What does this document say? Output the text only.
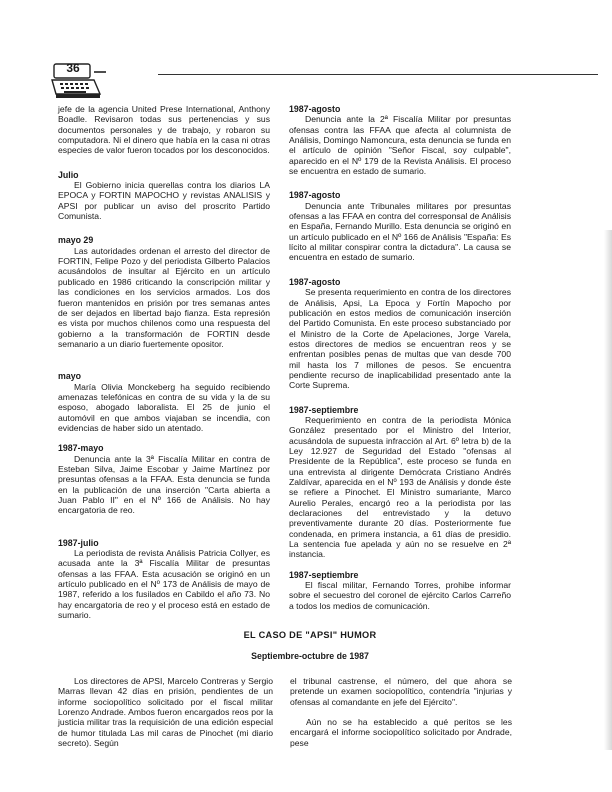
36

jefe de la agencia United Prese International, Anthony Boadle. Revisaron todas sus pertenencias y sus documentos personales y de trabajo, y robaron su computadora. Ni el dinero que había en la casa ni otras especies de valor fueron tocados por los desconocidos.

Julio

El Gobierno inicia querellas contra los diarios LA EPOCA y FORTIN MAPOCHO y revistas ANALISIS y APSI por publicar un aviso del proscrito Partido Comunista.

mayo 29

Las autoridades ordenan el arresto del director de FORTIN, Felipe Pozo y del periodista Gilberto Palacios acusándolos de insultar al Ejército en un artículo publicado en 1986 criticando la conscripción militar y las condiciones en los servicios armados. Los dos fueron mantenidos en prisión por tres semanas antes de ser dejados en libertad bajo fianza. Esta represión es vista por muchos chilenos como una respuesta del gobierno a la transformación de FORTIN desde semanario a un diario fuertemente opositor.

mayo

María Olivia Monckeberg ha seguido recibiendo amenazas telefónicas en contra de su vida y la de su esposo, abogado laboralista. El 25 de junio el automóvil en que ambos viajaban se incendia, con evidencias de haber sido un atentado.

1987-mayo

Denuncia ante la 3ª Fiscalía Militar en contra de Esteban Silva, Jaime Escobar y Jaime Martínez por presuntas ofensas a la FFAA. Esta denuncia se funda en la publicación de una inserción "Carta abierta a Juan Pablo II" en el Nº 166 de Análisis. No hay encargatoria de reo.

1987-julio

La periodista de revista Análisis Patricia Collyer, es acusada ante la 3ª Fiscalía Militar de presuntas ofensas a las FFAA. Esta acusación se originó en un artículo publicado en el Nº 173 de Análisis de mayo de 1987, referido a los fusilados en Cabildo el año 73. No hay encargatoria de reo y el proceso está en estado de sumario.

1987-agosto

Denuncia ante la 2ª Fiscalía Militar por presuntas ofensas contra las FFAA que afecta al columnista de Análisis, Domingo Namoncura, esta denuncia se funda en el artículo de opinión "Señor Fiscal, soy culpable", aparecido en el Nº 179 de la Revista Análisis. El proceso se encuentra en estado de sumario.

1987-agosto

Denuncia ante Tribunales militares por presuntas ofensas a las FFAA en contra del corresponsal de Análisis en España, Fernando Murillo. Esta denuncia se originó en un artículo publicado en el Nº 166 de Análisis "España: Es lícito al militar conspirar contra la dictadura". La causa se encuentra en estado de sumario.

1987-agosto

Se presenta requerimiento en contra de los directores de Análisis, Apsi, La Epoca y Fortín Mapocho por publicación en estos medios de comunicación inserción del Partido Comunista. En este proceso substanciado por el Ministro de la Corte de Apelaciones, Jorge Varela, estos directores de medios se encuentran reos y se enfrentan posibles penas de multas que van desde 700 mil hasta los 7 millones de pesos. Se encuentra pendiente recurso de inaplicabilidad presentado ante la Corte Suprema.

1987-septiembre

Requerimiento en contra de la periodista Mónica González presentado por el Ministro del Interior, acusándola de supuesta infracción al Art. 6º letra b) de la Ley 12.927 de Seguridad del Estado "ofensas al Presidente de la República", este proceso se funda en una entrevista al dirigente Demócrata Cristiano Andrés Zaldívar, aparecida en el Nº 193 de Análisis y donde éste se refiere a Pinochet. El Ministro sumariante, Marco Aurelio Perales, encargó reo a la periodista por las declaraciones del entrevistado y la detuvo preventivamente durante 20 días. Posteriormente fue condenada, en primera instancia, a 61 días de presidio. La sentencia fue apelada y aún no se resuelve en 2ª instancia.

1987-septiembre

El fiscal militar, Fernando Torres, prohibe informar sobre el secuestro del coronel de ejército Carlos Carreño a todos los medios de comunicación.

EL CASO DE "APSI" HUMOR
Septiembre-octubre de 1987

Los directores de APSI, Marcelo Contreras y Sergio Marras llevan 42 días en prisión, pendientes de un informe sociopolítico solicitado por el fiscal militar Lorenzo Andrade. Ambos fueron encargados reos por la justicia militar tras la requisición de una edición especial de humor titulada Las mil caras de Pinochet (mi diario secreto). Según

el tribunal castrense, el número, del que ahora se pretende un examen sociopolítico, contendría "injurias y ofensas al comandante en jefe del Ejército".

Aún no se ha establecido a qué peritos se les encargará el informe sociopolítico solicitado por Andrade, pese
